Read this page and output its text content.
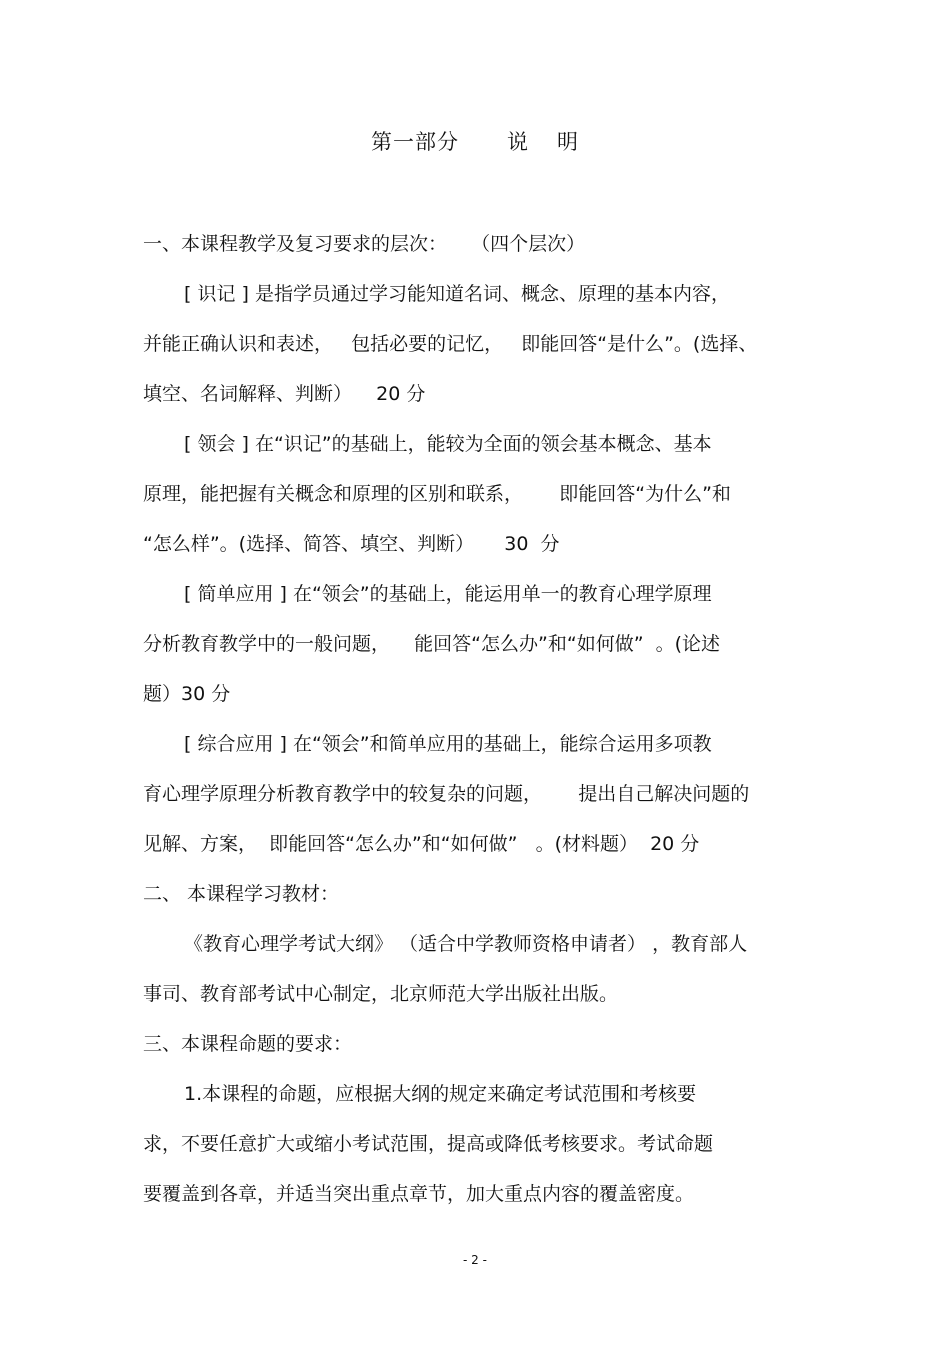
第一部分 说 明
一、本课程教学及复习要求的层次：    （四个层次）
[ 识记 ] 是指学员通过学习能知道名词、概念、原理的基本内容，
并能正确认识和表述，   包括必要的记忆，   即能回答“是什么”。(选择、
填空、名词解释、判断）    20 分
[ 领会 ] 在“识记”的基础上，能较为全面的领会基本概念、基本
原理，能把握有关概念和原理的区别和联系，      即能回答“为什么”和
“怎么样”。(选择、简答、填空、判断）     30  分
[ 简单应用 ] 在“领会”的基础上，能运用单一的教育心理学原理
分析教育教学中的一般问题，    能回答“怎么办”和“如何做”  。(论述
题）30 分
[ 综合应用 ] 在“领会”和简单应用的基础上，能综合运用多项教
育心理学原理分析教育教学中的较复杂的问题，      提出自己解决问题的
见解、方案，  即能回答“怎么办”和“如何做”   。(材料题）  20 分
二、 本课程学习教材：
《教育心理学考试大纲》 （适合中学教师资格申请者） ，教育部人
事司、教育部考试中心制定，北京师范大学出版社出版。
三、本课程命题的要求：
1.本课程的命题，应根据大纲的规定来确定考试范围和考核要
求，不要任意扩大或缩小考试范围，提高或降低考核要求。考试命题
要覆盖到各章，并适当突出重点章节，加大重点内容的覆盖密度。
- 2 -
